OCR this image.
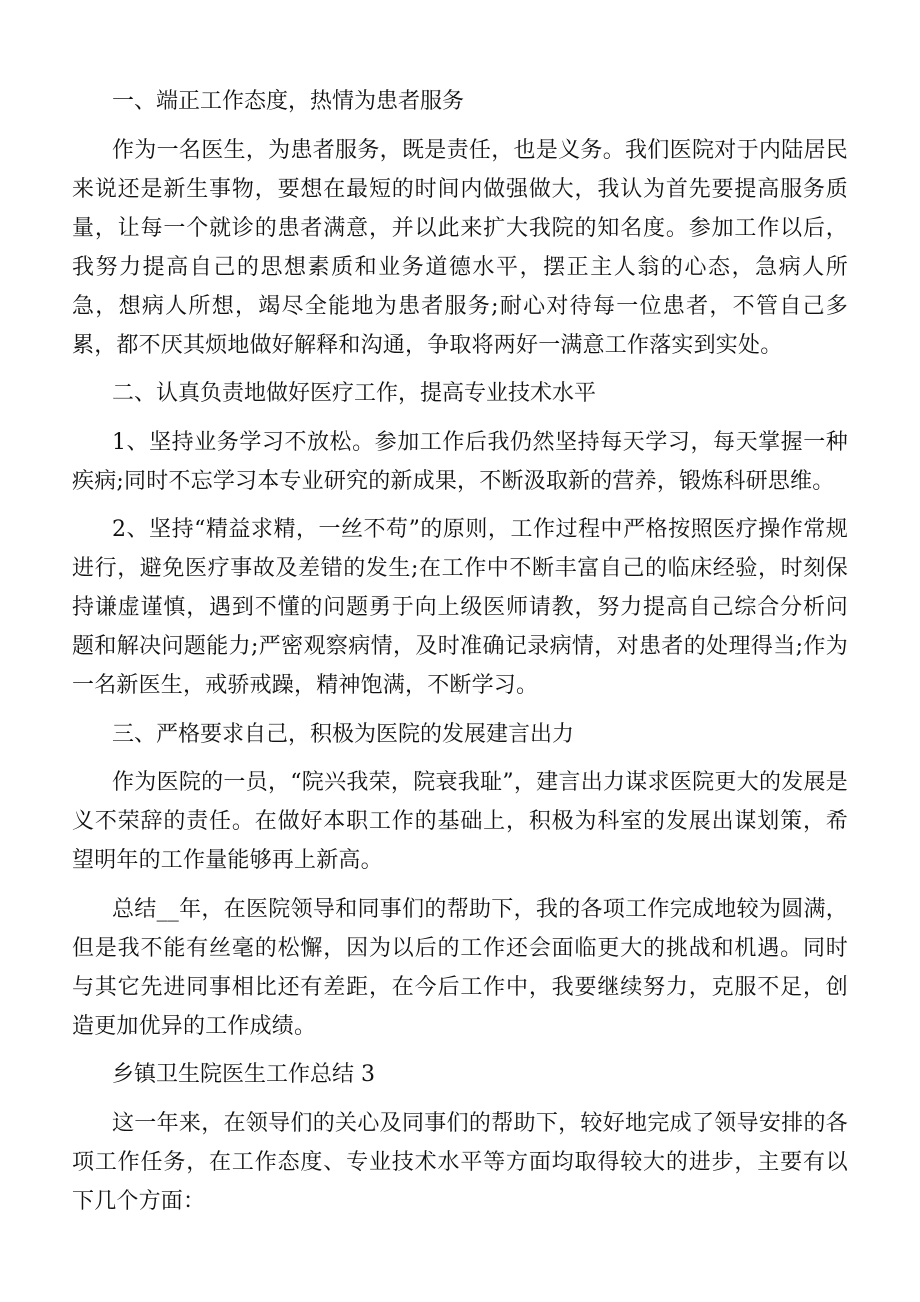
一、端正工作态度，热情为患者服务

作为一名医生，为患者服务，既是责任，也是义务。我们医院对于内陆居民来说还是新生事物，要想在最短的时间内做强做大，我认为首先要提高服务质量，让每一个就诊的患者满意，并以此来扩大我院的知名度。参加工作以后，我努力提高自己的思想素质和业务道德水平，摆正主人翁的心态，急病人所急，想病人所想，竭尽全能地为患者服务;耐心对待每一位患者，不管自己多累，都不厌其烦地做好解释和沟通，争取将两好一满意工作落实到实处。

二、认真负责地做好医疗工作，提高专业技术水平

1、坚持业务学习不放松。参加工作后我仍然坚持每天学习，每天掌握一种疾病;同时不忘学习本专业研究的新成果，不断汲取新的营养，锻炼科研思维。

2、坚持“精益求精，一丝不苟”的原则，工作过程中严格按照医疗操作常规进行，避免医疗事故及差错的发生;在工作中不断丰富自己的临床经验，时刻保持谦虚谨慎，遇到不懂的问题勇于向上级医师请教，努力提高自己综合分析问题和解决问题能力;严密观察病情，及时准确记录病情，对患者的处理得当;作为一名新医生，戒骄戒躁，精神饱满，不断学习。

三、严格要求自己，积极为医院的发展建言出力

作为医院的一员，“院兴我荣，院衰我耻”，建言出力谋求医院更大的发展是义不荣辞的责任。在做好本职工作的基础上，积极为科室的发展出谋划策，希望明年的工作量能够再上新高。

总结__年，在医院领导和同事们的帮助下，我的各项工作完成地较为圆满，但是我不能有丝毫的松懈，因为以后的工作还会面临更大的挑战和机遇。同时与其它先进同事相比还有差距，在今后工作中，我要继续努力，克服不足，创造更加优异的工作成绩。

乡镇卫生院医生工作总结 3

这一年来，在领导们的关心及同事们的帮助下，较好地完成了领导安排的各项工作任务，在工作态度、专业技术水平等方面均取得较大的进步，主要有以下几个方面：
